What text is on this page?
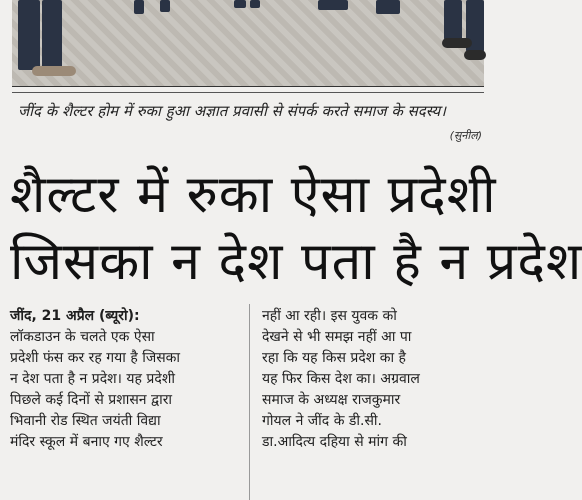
जींद के शैल्टर होम में रुका हुआ अज्ञात प्रवासी से संपर्क करते समाज के सदस्य।
(सुनील)
शैल्टर में रुका ऐसा प्रदेशी
जिसका न देश पता है न प्रदेश
जींद, 21 अप्रैल (ब्यूरो):
लॉकडाउन के चलते एक ऐसा
प्रदेशी फंस कर रह गया है जिसका
न देश पता है न प्रदेश। यह प्रदेशी
पिछले कई दिनों से प्रशासन द्वारा
भिवानी रोड स्थित जयंती विद्या
मंदिर स्कूल में बनाए गए शैल्टर
नहीं आ रही। इस युवक को
देखने से भी समझ नहीं आ पा
रहा कि यह किस प्रदेश का है
यह फिर किस देश का। अग्रवाल
समाज के अध्यक्ष राजकुमार
गोयल ने जींद के डी.सी.
डा.आदित्य दहिया से मांग की
